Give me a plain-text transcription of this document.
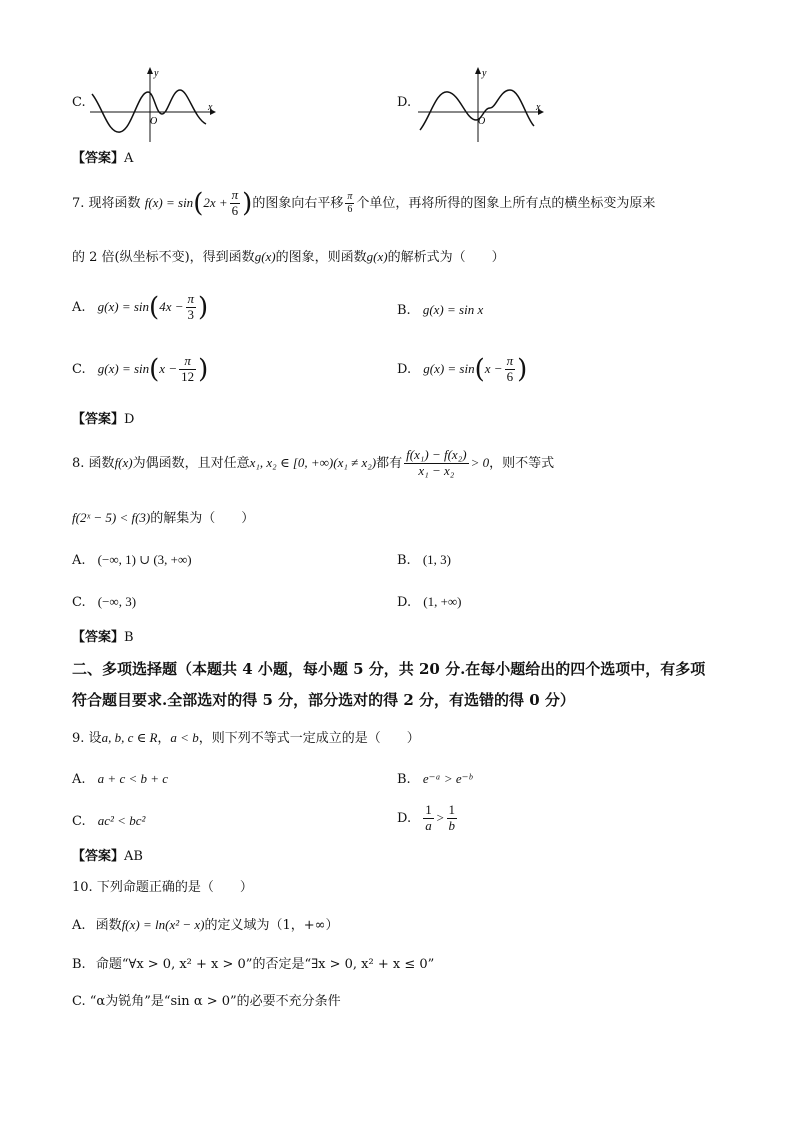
C.	x
y
O
D.	x
y
O
【答案】A
7. 现将函数 $f(x) = \sin(2x + \frac{\pi}{6}$ )的图象向右平移 $\frac{\pi}{6}$ 个单位，再将所得的图象上所有点的横坐标变为原来
的 2 倍(纵坐标不变)，得到函数g(x)的图象，则函数g(x)的解析式为（　　）
A. $g(x) = \sin(4x - \frac{\pi}{3}$ )	B. g(x) = sin x
C. $g(x) = \sin(x - \frac{\pi}{12}$ )	D. $g(x) = \sin(x - \frac{\pi}{6}$ )
【答案】D
8. 函数f(x)为偶函数，且对任意x₁, x₂ ∈ [0, +∞)(x₁ ≠ x₂)都有 $\frac{\text{f(x₁) − f(x₂)}}{\text{x₁ − x₂}} > 0$，则不等式
f(2ˣ − 5) < f(3)的解集为（　　）
A. (−∞, 1) ∪ (3, +∞)	B. (1, 3)
C. (−∞, 3)	D. (1, +∞)
【答案】B
二、多项选择题（本题共 4 小题，每小题 5 分，共 20 分.在每小题给出的四个选项中，有多项
符合题目要求.全部选对的得 5 分，部分选对的得 2 分，有选错的得 0 分）
9. 设a, b, c ∈ R，a < b，则下列不等式一定成立的是（　　）
A. a + c < b + c	B. e⁻ᵃ > e⁻ᵇ
C. ac² < bc²	D. $\frac{1}{a} > \frac{1}{b}$
【答案】AB
10. 下列命题正确的是（　　）
A. 函数f(x) = ln(x² − x)的定义域为（1，+∞）
B. 命题“∀x > 0, x² + x > 0”的否定是“∃x > 0, x² + x ≤ 0”
C. “α为锐角”是“sin α > 0”的必要不充分条件
